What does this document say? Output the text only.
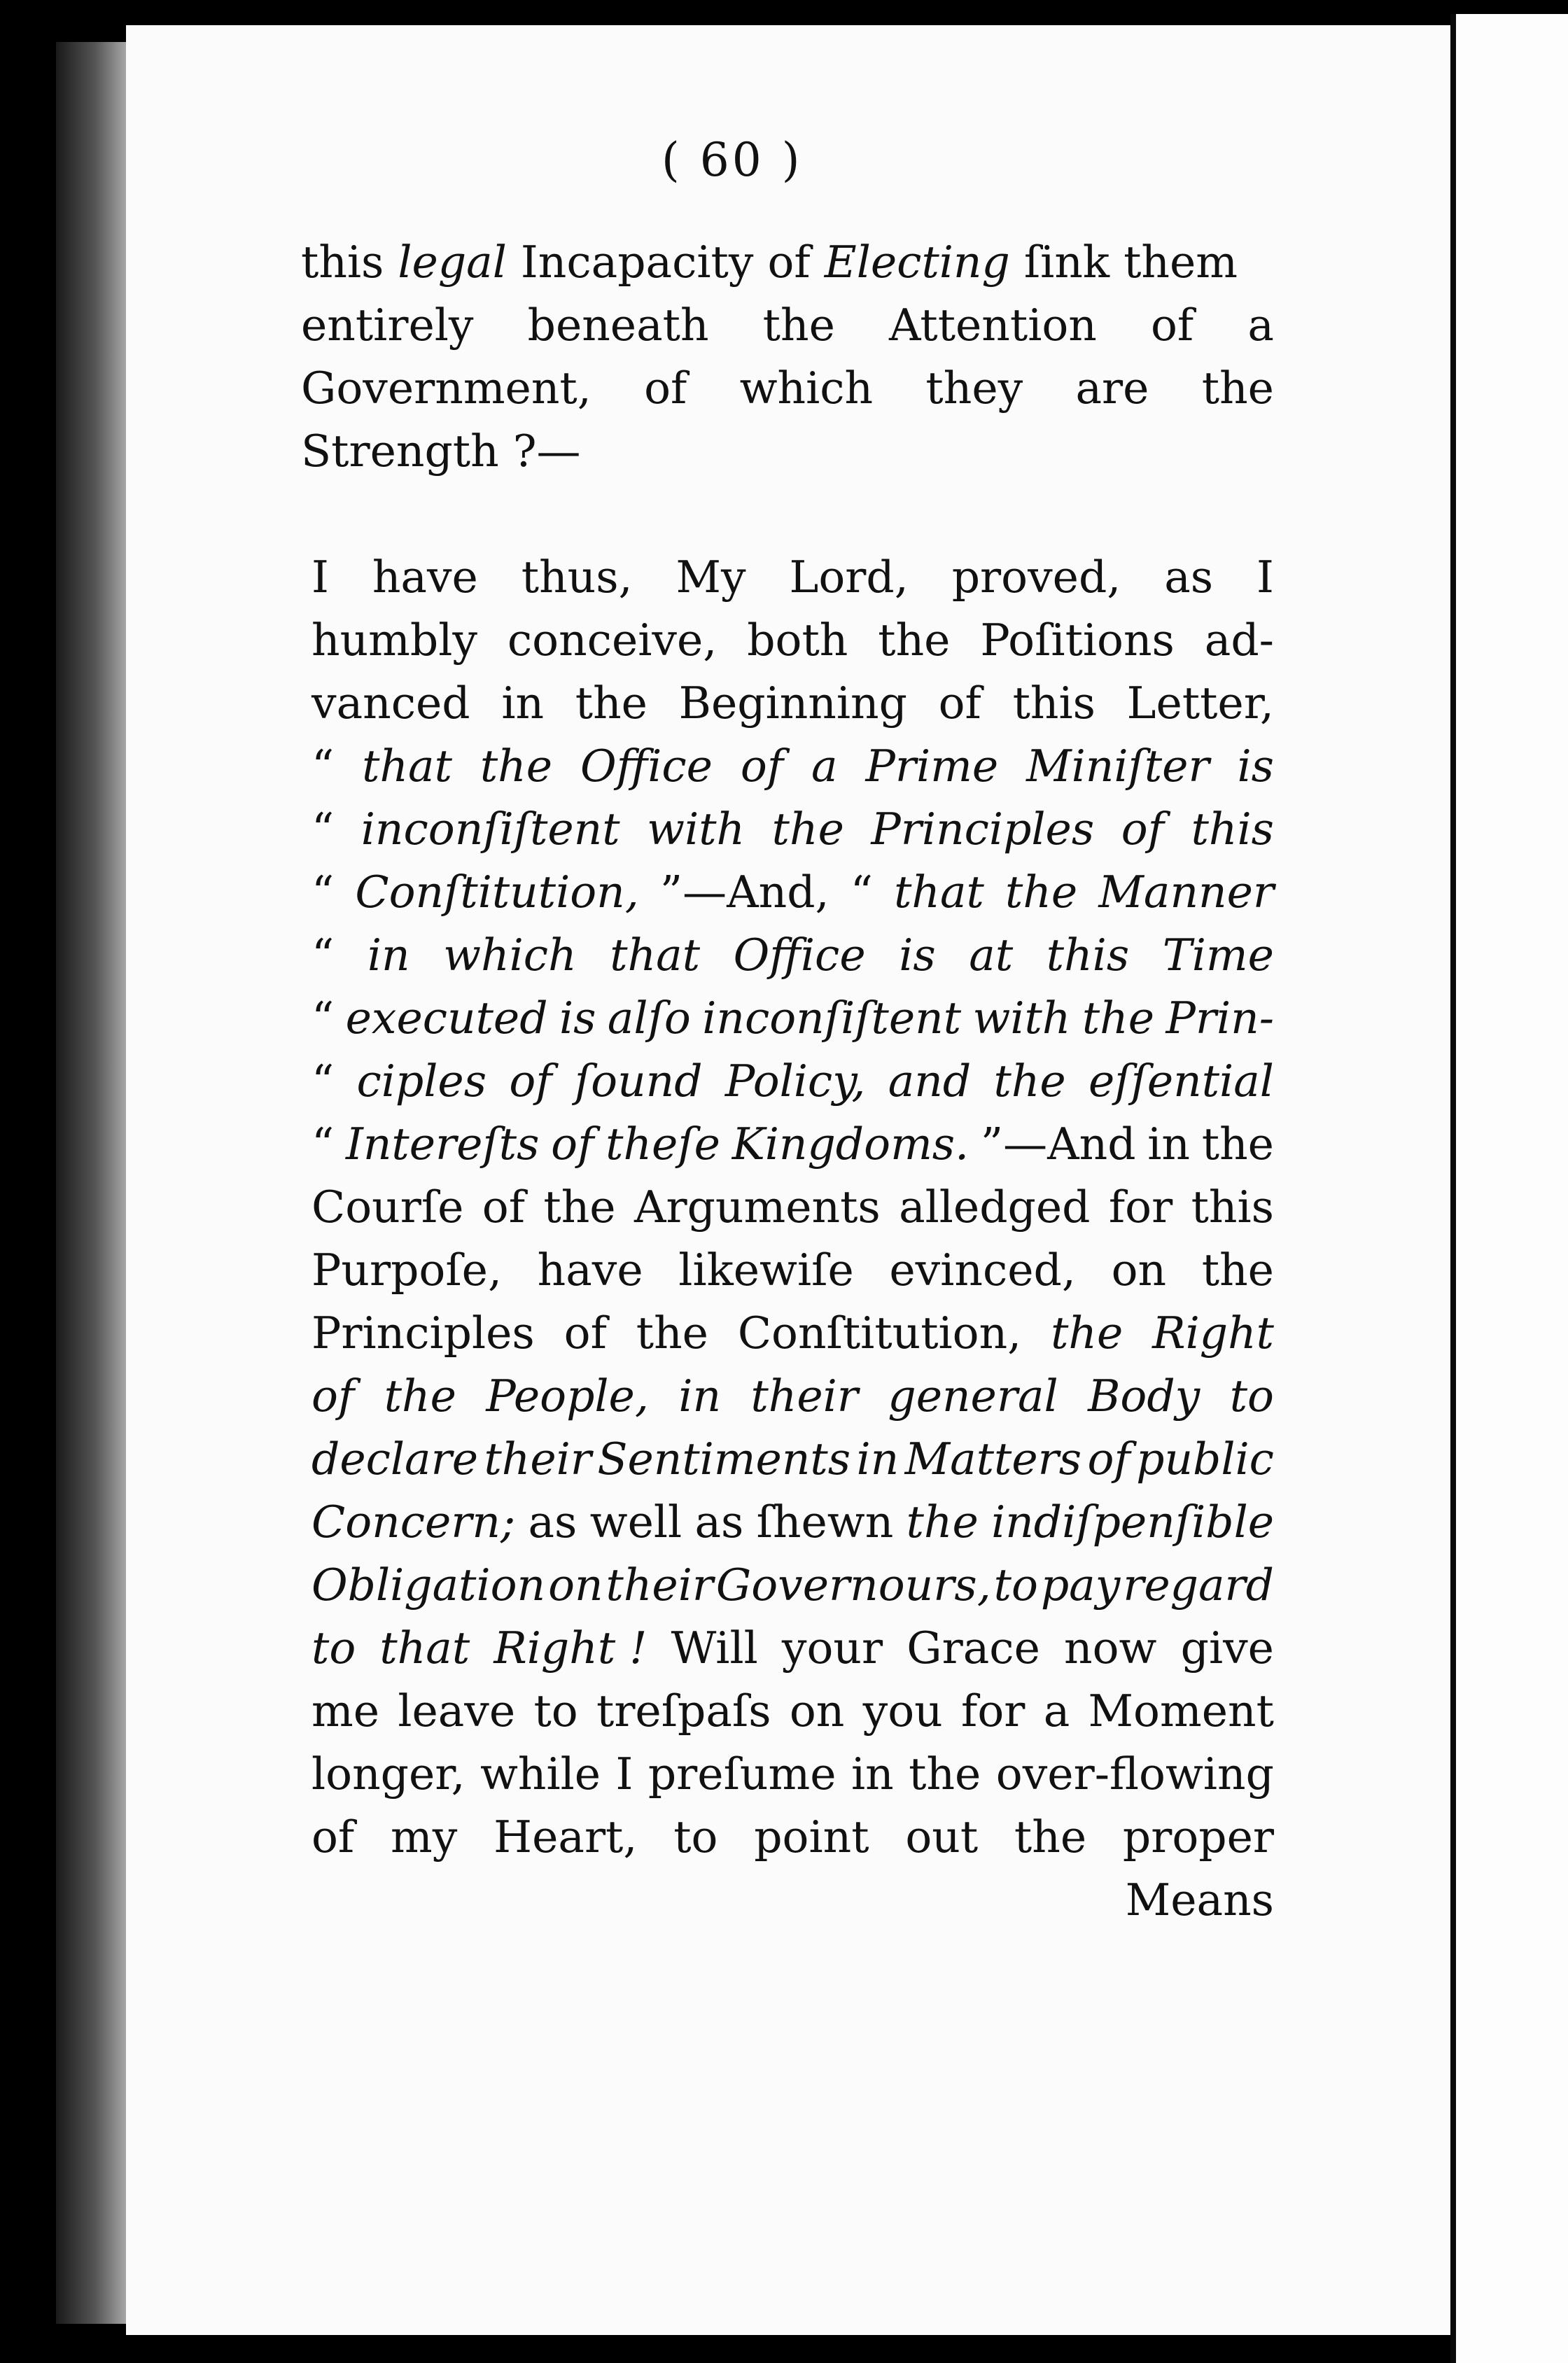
( 60 )
this legal Incapacity of Electing ſink them
entirely beneath the Attention of a
Government, of which they are the
Strength ?—
I have thus, My Lord, proved, as I
humbly conceive, both the Poſitions ad-
vanced in the Beginning of this Letter,
“ that the Office of a Prime Miniſter is
“ inconſiſtent with the Principles of this
“ Conſtitution, ”—And, “ that the Manner
“ in which that Office is at this Time
“ executed is alſo inconſiſtent with the Prin-
“ ciples of ſound Policy, and the eſſential
“ Intereſts of theſe Kingdoms. ”—And in the
Courſe of the Arguments alledged for this
Purpoſe, have likewiſe evinced, on the
Principles of the Conſtitution, the Right
of the People, in their general Body to
declare their Sentiments in Matters of public
Concern; as well as ſhewn the indiſpenſible
Obligation on their Governours, to pay regard
to that Right ! Will your Grace now give
me leave to treſpaſs on you for a Moment
longer, while I preſume in the over-flowing
of my Heart, to point out the proper
Means
